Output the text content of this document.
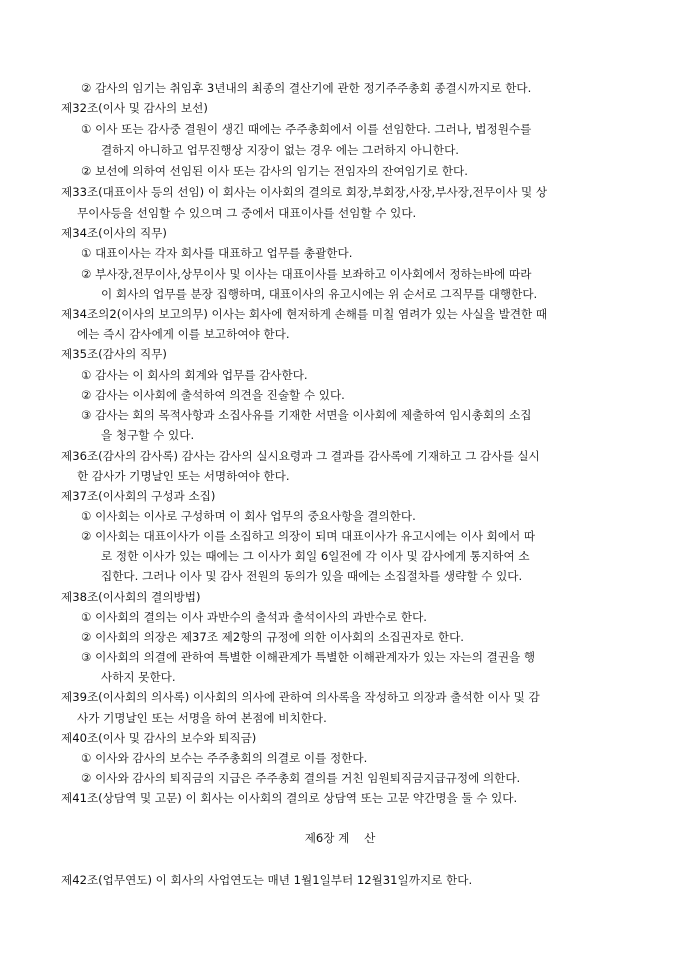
② 감사의 임기는 취임후 3년내의 최종의 결산기에 관한 정기주주총회 종결시까지로 한다.
제32조(이사 및 감사의 보선)
① 이사 또는 감사중 결원이 생긴 때에는 주주총회에서 이를 선임한다. 그러나, 법정원수를
결하지 아니하고 업무진행상 지장이 없는 경우 에는 그러하지 아니한다.
② 보선에 의하여 선임된 이사 또는 감사의 임기는 전임자의 잔여임기로 한다.
제33조(대표이사 등의 선임) 이 회사는 이사회의 결의로 회장,부회장,사장,부사장,전무이사 및 상
무이사등을 선임할 수 있으며 그 중에서 대표이사를 선임할 수 있다.
제34조(이사의 직무)
① 대표이사는 각자 회사를 대표하고 업무를 총괄한다.
② 부사장,전무이사,상무이사 및 이사는 대표이사를 보좌하고 이사회에서 정하는바에 따라
이 회사의 업무를 분장 집행하며, 대표이사의 유고시에는 위 순서로 그직무를 대행한다.
제34조의2(이사의 보고의무) 이사는 회사에 현저하게 손해를 미칠 염려가 있는 사실을 발견한 때
에는 즉시 감사에게 이를 보고하여야 한다.
제35조(감사의 직무)
① 감사는 이 회사의 회계와 업무를 감사한다.
② 감사는 이사회에 출석하여 의견을 진술할 수 있다.
③ 감사는 회의 목적사항과 소집사유를 기재한 서면을 이사회에 제출하여 임시총회의 소집
을 청구할 수 있다.
제36조(감사의 감사록) 감사는 감사의 실시요령과 그 결과를 감사록에 기재하고 그 감사를 실시
한 감사가 기명날인 또는 서명하여야 한다.
제37조(이사회의 구성과 소집)
① 이사회는 이사로 구성하며 이 회사 업무의 중요사항을 결의한다.
② 이사회는 대표이사가 이를 소집하고 의장이 되며 대표이사가 유고시에는 이사 회에서 따
로 정한 이사가 있는 때에는 그 이사가 회일 6일전에 각 이사 및 감사에게 통지하여 소
집한다. 그러나 이사 및 감사 전원의 동의가 있을 때에는 소집절차를 생략할 수 있다.
제38조(이사회의 결의방법)
① 이사회의 결의는 이사 과반수의 출석과 출석이사의 과반수로 한다.
② 이사회의 의장은 제37조 제2항의 규정에 의한 이사회의 소집권자로 한다.
③ 이사회의 의결에 관하여 특별한 이해관계가 특별한 이해관계자가 있는 자는의 결권을 행
사하지 못한다.
제39조(이사회의 의사록) 이사회의 의사에 관하여 의사록을 작성하고 의장과 출석한 이사 및 감
사가 기명날인 또는 서명을 하여 본점에 비치한다.
제40조(이사 및 감사의 보수와 퇴직금)
① 이사와 감사의 보수는 주주총회의 의결로 이를 정한다.
② 이사와 감사의 퇴직금의 지급은 주주총회 결의를 거친 임원퇴직금지급규정에 의한다.
제41조(상담역 및 고문) 이 회사는 이사회의 결의로 상담역 또는 고문 약간명을 둘 수 있다.
제6장 계    산
제42조(업무연도) 이 회사의 사업연도는 매년 1월1일부터 12월31일까지로 한다.
